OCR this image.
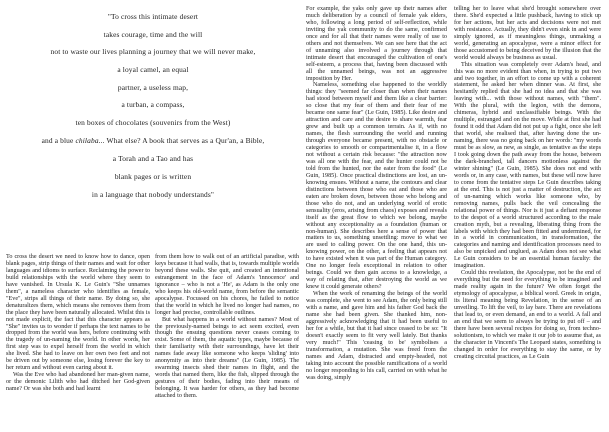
"To cross this intimate desert
takes courage, time and the will
not to waste our lives planning a journey that we will never make,
a loyal camel, an equal
partner, a useless map,
a turban, a compass,
ten boxes of chocolates (souvenirs from the West)
and a blue chilaba... What else? A book that serves as a Qur'an, a Bible,
a Torah and a Tao and has
blank pages or is written
in a language that nobody understands"

To cross the desert we need to know how to dance, open blank pages, strip things of their names and wait for other languages and idioms to surface. Reclaiming the power to build relationships with the world where they seem to have vanished. In Ursula K. Le Guin's "She unnames them", a nameless character who identifies as female, "Eve", strips all things of their name. By doing so, she denaturalizes them, which means she removes them from the place they have been naturally allocated. Whilst this is not made explicit, the fact that this character appears as "She" invites us to wonder if perhaps the text names to be dropped from the world was hers, before continuing with the tragedy of un-naming the world. In other words, her first step was to expel herself from the world in which she lived. She had to leave on her own two feet and not be driven out by someone else, losing forever the key to her return and without even caring about it.

Was the Eve who had abandoned her man-given name, or the demonic Lilith who had ditched her God-given name? Or was she both and had learnt

from them how to walk out of an artificial paradise, with keys because it had walls, that is, towards multiple worlds beyond these walls. She quit, and created an intentional estrangement in the face of Adam's 'innocence' and ignorance – who is not a 'He', as Adam is the only one who keeps his old-world name, from before the semantic apocalypse. Focussed on his chores, he failed to notice that the world in which he lived no longer had names, no longer had precise, controllable outlines.

But what happens in a world without names? Most of the previously-named beings to act seem excited, even though the ensuing questions never ceases coming to exist. Some of them, the aquatic types, maybe because of their familiarity with their surroundings, have let their names fade away like someone who keeps 'sliding' into anonymity as into their dreams" (Le Guin, 1985). The swarming insects shed their names in flight, and the words that named them, like the fish, slipped through the gestures of their bodies, fading into their means of belonging. It was harder for others, as they had become attached to them.

For example, the yaks only gave up their names after much deliberation by a council of female yak elders, who, following a long period of self-reflection, while inviting the yak community to do the same, confirmed once and for all that their names were really of use to others and not themselves. We can see here that the act of unnaming also involved a journey through that intimate desert that encouraged the cultivation of one's self-esteem, a process that, having been discussed with all the unnamed beings, was not an aggressive imposition by Her.

Nameless, something else happened to the worldly things: they "seemed far closer than when their names had stood between myself and them like a clear barrier: so close that my fear of them and their fear of me became one same fear" (Le Guin, 1985). Like desire and attraction and care and the desire to share warmth, fear grew and built up a common terrain. As if, with no names, the flesh surrounding the world and running through everyone became present, with no obstacle or categories to smooth or compartmentalise it, in a flow not without a certain risk because: "the attraction now was all one with the fear, and the hunter could not be told from the hunted, nor the eater from the food" (Le Guin, 1985). Once practical distinctions are lost, an un-knowing ensues. Without a name, the contours and clear distinctions between those who eat and those who are eaten are broken down, between those who belong and those who do not, and an underlying world of erotic sensuality (eros, arising from chaos) exposes and reveals itself as the great flow to which we belong, maybe without any exceptionality as a foundation (human or non-human). She describes here a sense of power that matters to us, something unsettling: move to what we are used to calling power. On the one hand, this un-knowing power, on the other, a feeling that appears not to have existed when it was part of the Human category. One no longer feels exceptional in relation to other beings. Could we then gain access to a knowledge, a way of relating that, after destroying the world as we knew it could generate others?

When the work of renaming the beings of the world was complete, she went to see Adam, the only being still with a name, and gave him and his father God back the name she had been given. She thanked him, non-aggressively acknowledging that it had been useful to her for a while, but that it had since ceased to be so: "It doesn't exactly seem to fit very well lately. But thanks very much!" This 'ceasing to be' symbolises a transformation, a mutation. She was freed from the names and Adam, distracted and empty-headed, not taking into account the possible ramifications of a world no longer responding to his call, carried on with what he was doing, simply

telling her to leave what she'd brought somewhere over there. She'd expected a little pushback, having to stick up for her actions, but her acts and decisions were not met with resistance. Actually, they didn't even sink in and were simply ignored, as if meaningless things, unmaking a world, generating an apocalypse, were a minor effect for those accustomed to being deceived by the illusion that the world would always be business as usual.

This situation was completely over Adam's head, and this was no more evident than when, in trying to put two and two together, in an effort to come up with a coherent statement, he asked her when dinner was. At first, she hesitantly replied that she had no idea and that she was leaving with... with those without names, with "them". With the plural, with the legion, with the demons, chimeras, hybrid and unclassifiable beings. With the multiple, estranged and on the move. While at first she had found it odd that Adam did not put up a fight, once she left that world, she realised that, after having done the un-naming, there was no going back on her words: "my words must be as slow, as new, as single, as tentative as the steps I took going down the path away from the house, between the dark-branched, tall dancers motionless against the winter shining" (Le Guin, 1985). She does not end with words or, in any case, with names, but these will now have to come from the tentative steps Le Guin describes taking at the end. This is not just a matter of destruction, the act of un-naming which works like someone who, by removing names, pulls back the veil concealing the relational power of things. Nor is it just a defiant response to the despot of a world structured according to the male creation myth, but a revealing, liberating thing from the labels with which they had been fitted and undermined, for in a world in communication, in transformation, the categories and naming and identification processes need to also be unpicked and unglued, as Adam does not see what Le Guin considers to be an essential human faculty: the imagination.

Could this revelation, the Apocalypse, not be the end of everything but the need for everything to be imagined and made reality again in the future? We often forget the etymology of apocalypse, a biblical word. Greek in origin, its literal meaning being Revelation, in the sense of an unveiling. To lift the veil, to lay bare. There are revelations that lead to, or even demand, an end to a world. A fall and an end that we seem to always be trying to put off – and there have been several recipes for doing so, from techno-solutionism, to which we make it our job to assume that, as the character in Vincent's The Leopard states, something is changed in order for everything to stay the same, or by creating circuital practices, as Le Guin
